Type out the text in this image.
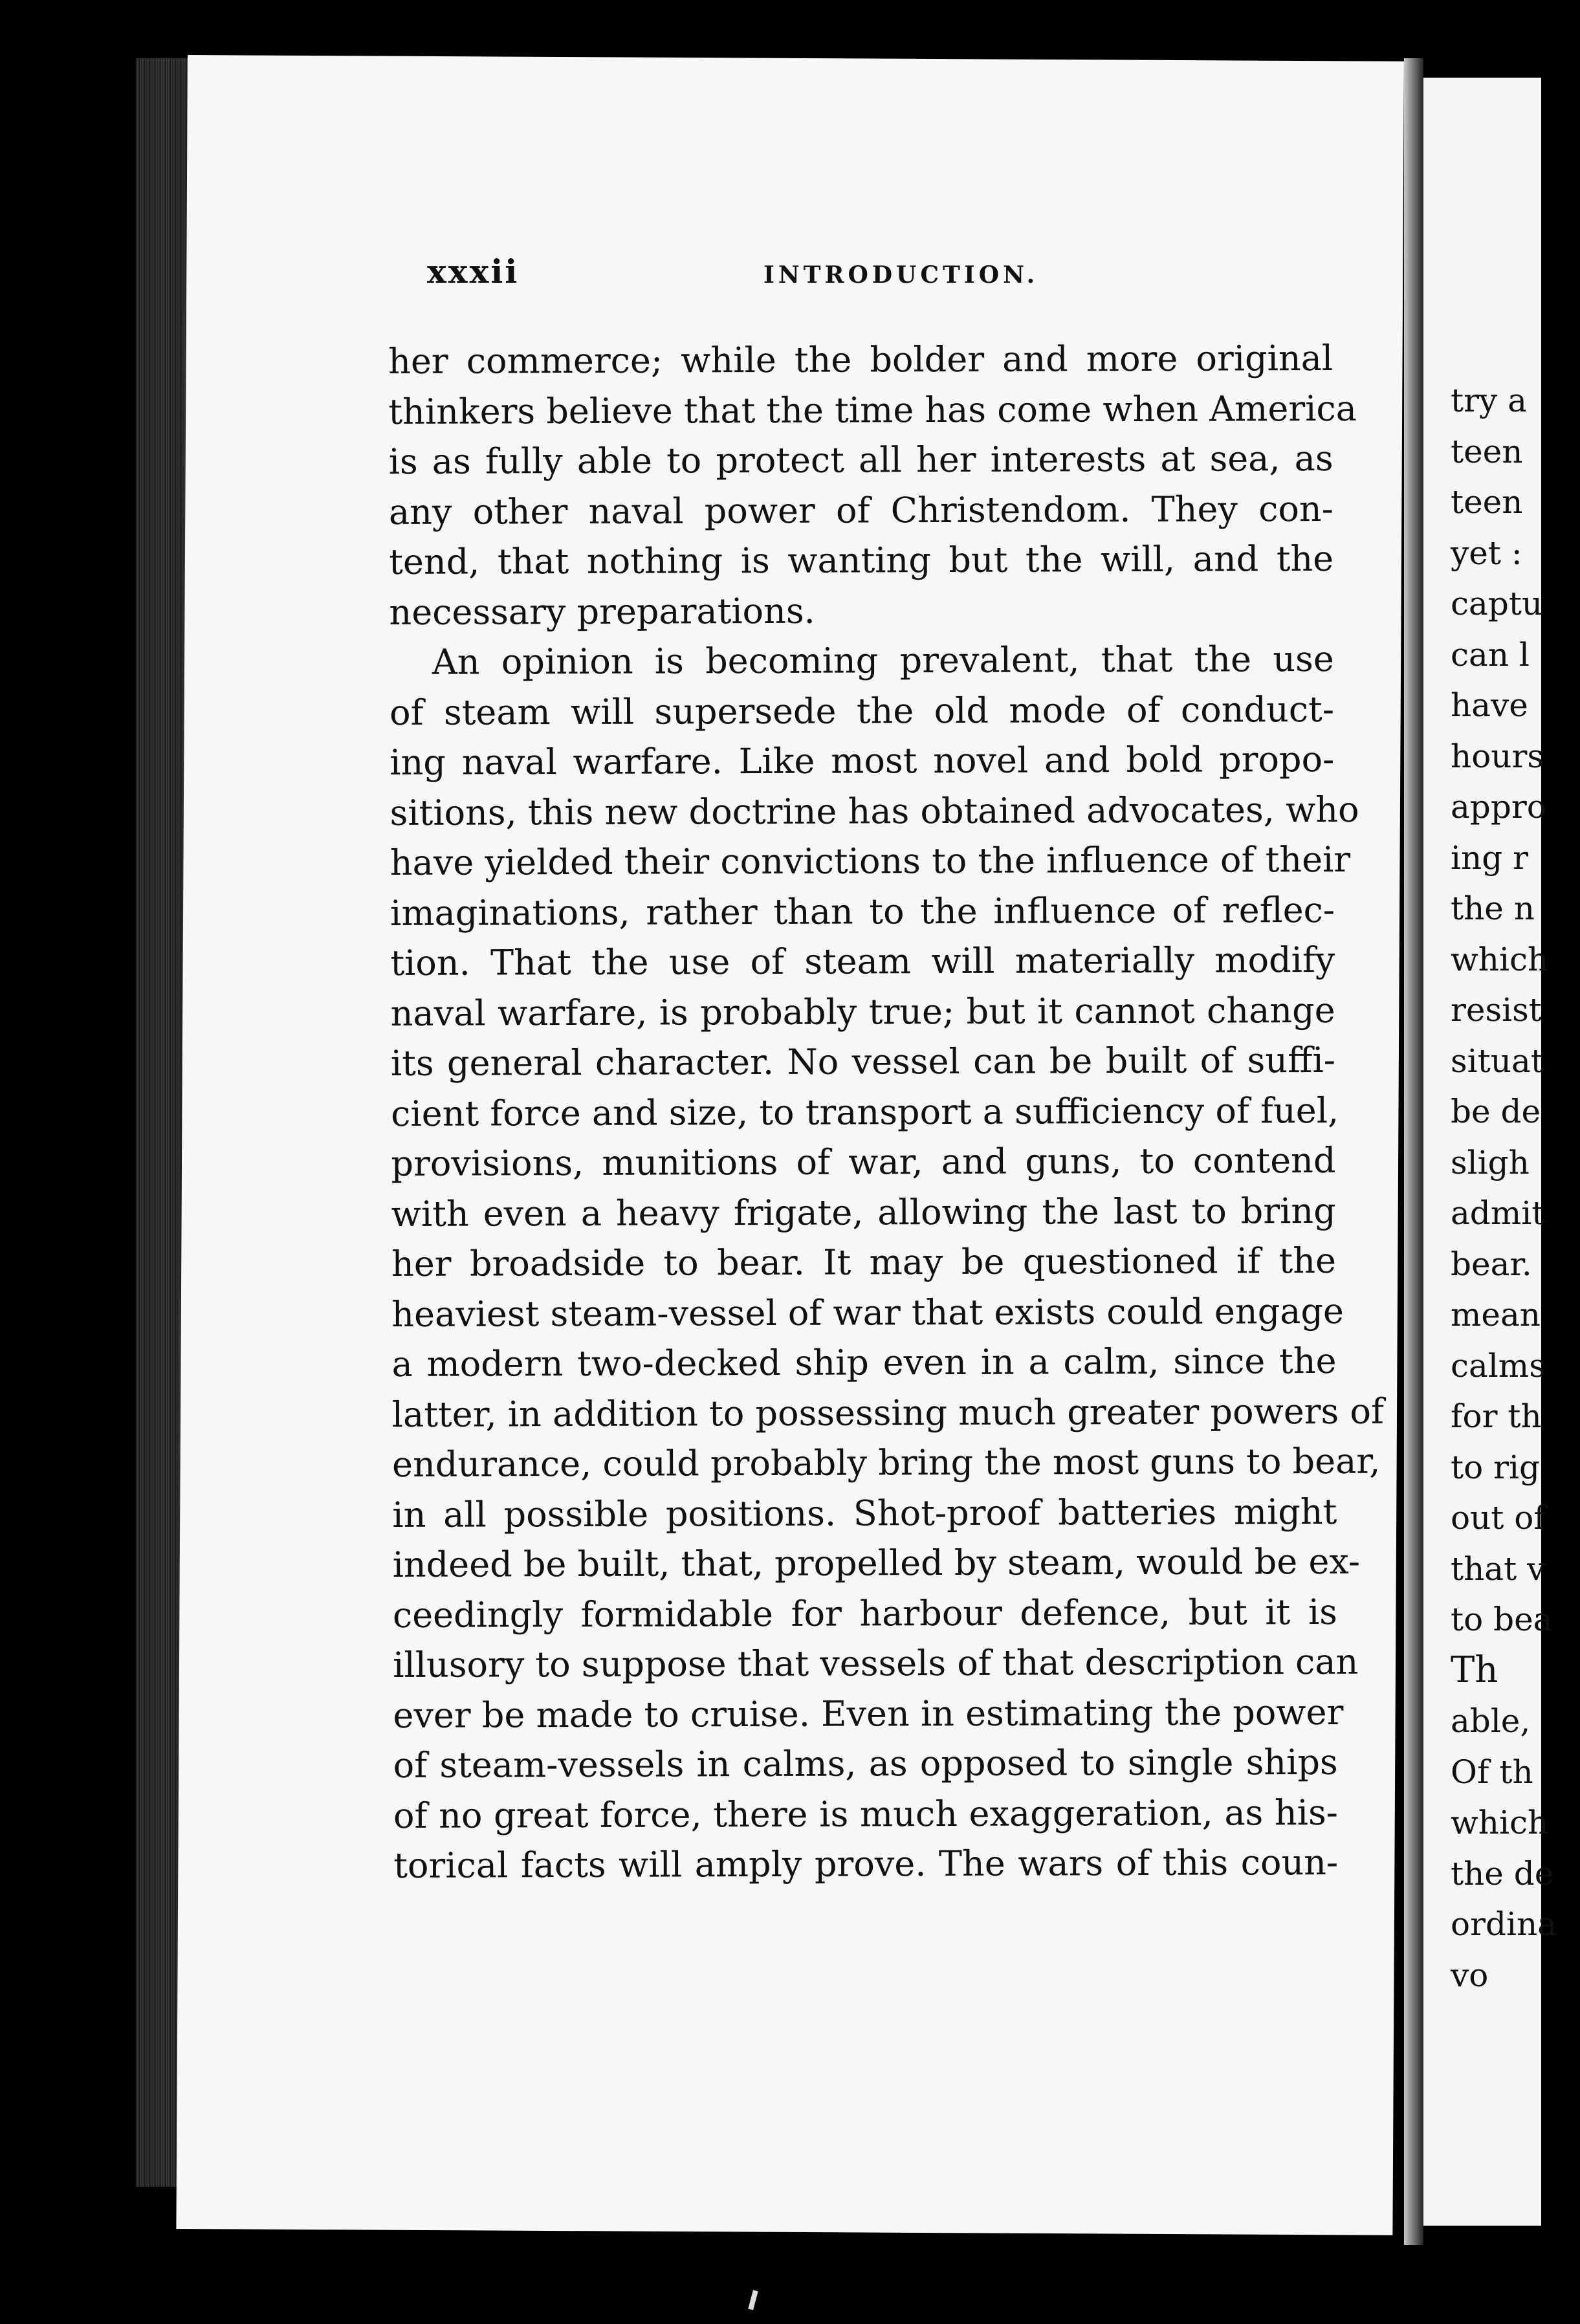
xxxii	INTRODUCTION.
her commerce; while the bolder and more original
thinkers believe that the time has come when America
is as fully able to protect all her interests at sea, as
any other naval power of Christendom. They con-
tend, that nothing is wanting but the will, and the
necessary preparations.
An opinion is becoming prevalent, that the use
of steam will supersede the old mode of conduct-
ing naval warfare. Like most novel and bold propo-
sitions, this new doctrine has obtained advocates, who
have yielded their convictions to the influence of their
imaginations, rather than to the influence of reflec-
tion. That the use of steam will materially modify
naval warfare, is probably true; but it cannot change
its general character. No vessel can be built of suffi-
cient force and size, to transport a sufficiency of fuel,
provisions, munitions of war, and guns, to contend
with even a heavy frigate, allowing the last to bring
her broadside to bear. It may be questioned if the
heaviest steam-vessel of war that exists could engage
a modern two-decked ship even in a calm, since the
latter, in addition to possessing much greater powers of
endurance, could probably bring the most guns to bear,
in all possible positions. Shot-proof batteries might
indeed be built, that, propelled by steam, would be ex-
ceedingly formidable for harbour defence, but it is
illusory to suppose that vessels of that description can
ever be made to cruise. Even in estimating the power
of steam-vessels in calms, as opposed to single ships
of no great force, there is much exaggeration, as his-
torical facts will amply prove. The wars of this coun-
try a
teen
teen
yet :
captu
can l
have
hours
appro
ing r
the n
which
resist
situat
be de
sligh
admit
bear.
mean
calms
for th
to rig
out of
that v
to bea
Th
able,
Of th
which
the de
ordina
vo
